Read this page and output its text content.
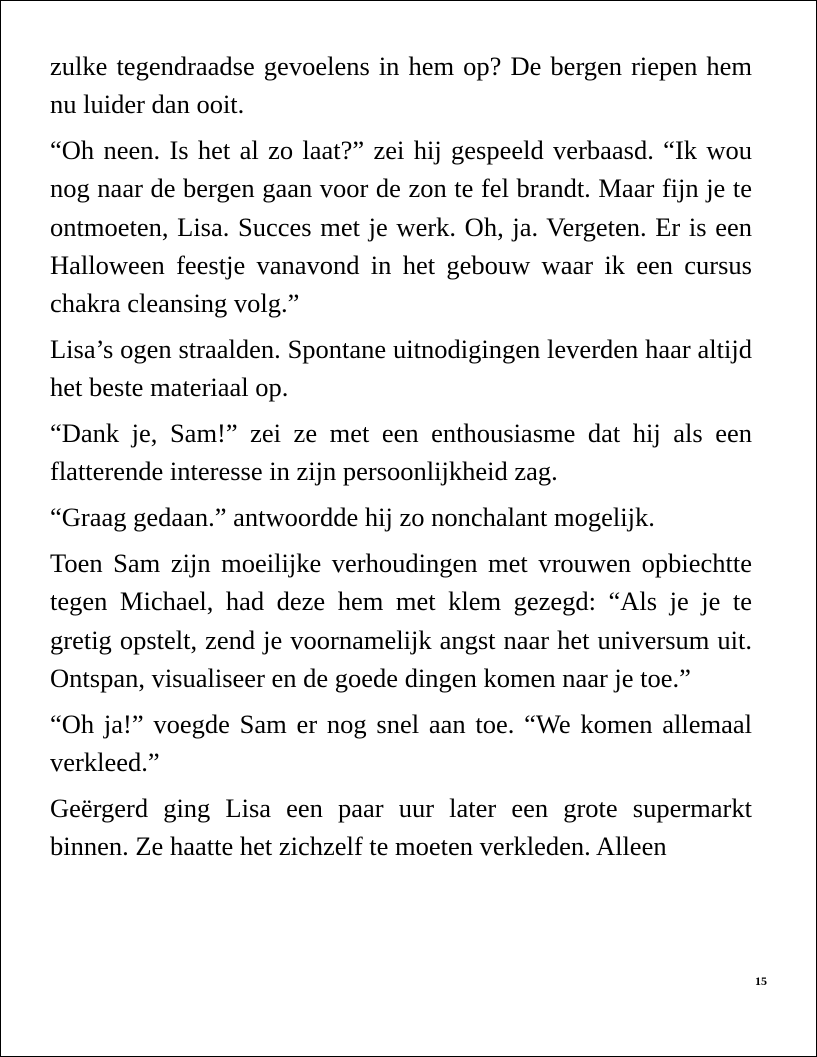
zulke tegendraadse gevoelens in hem op? De bergen riepen hem nu luider dan ooit.

“Oh neen. Is het al zo laat?” zei hij gespeeld verbaasd. “Ik wou nog naar de bergen gaan voor de zon te fel brandt. Maar fijn je te ontmoeten, Lisa. Succes met je werk. Oh, ja. Vergeten. Er is een Halloween feestje vanavond in het gebouw waar ik een cursus chakra cleansing volg.”

Lisa’s ogen straalden. Spontane uitnodigingen leverden haar altijd het beste materiaal op.

“Dank je, Sam!” zei ze met een enthousiasme dat hij als een flatterende interesse in zijn persoonlijkheid zag.

“Graag gedaan.” antwoordde hij zo nonchalant mogelijk.

Toen Sam zijn moeilijke verhoudingen met vrouwen opbiechtte tegen Michael, had deze hem met klem gezegd: “Als je je te gretig opstelt, zend je voornamelijk angst naar het universum uit. Ontspan, visualiseer en de goede dingen komen naar je toe.”

“Oh ja!” voegde Sam er nog snel aan toe. “We komen allemaal verkleed.”

Geërgerd ging Lisa een paar uur later een grote supermarkt binnen. Ze haatte het zichzelf te moeten verkleden. Alleen

15
